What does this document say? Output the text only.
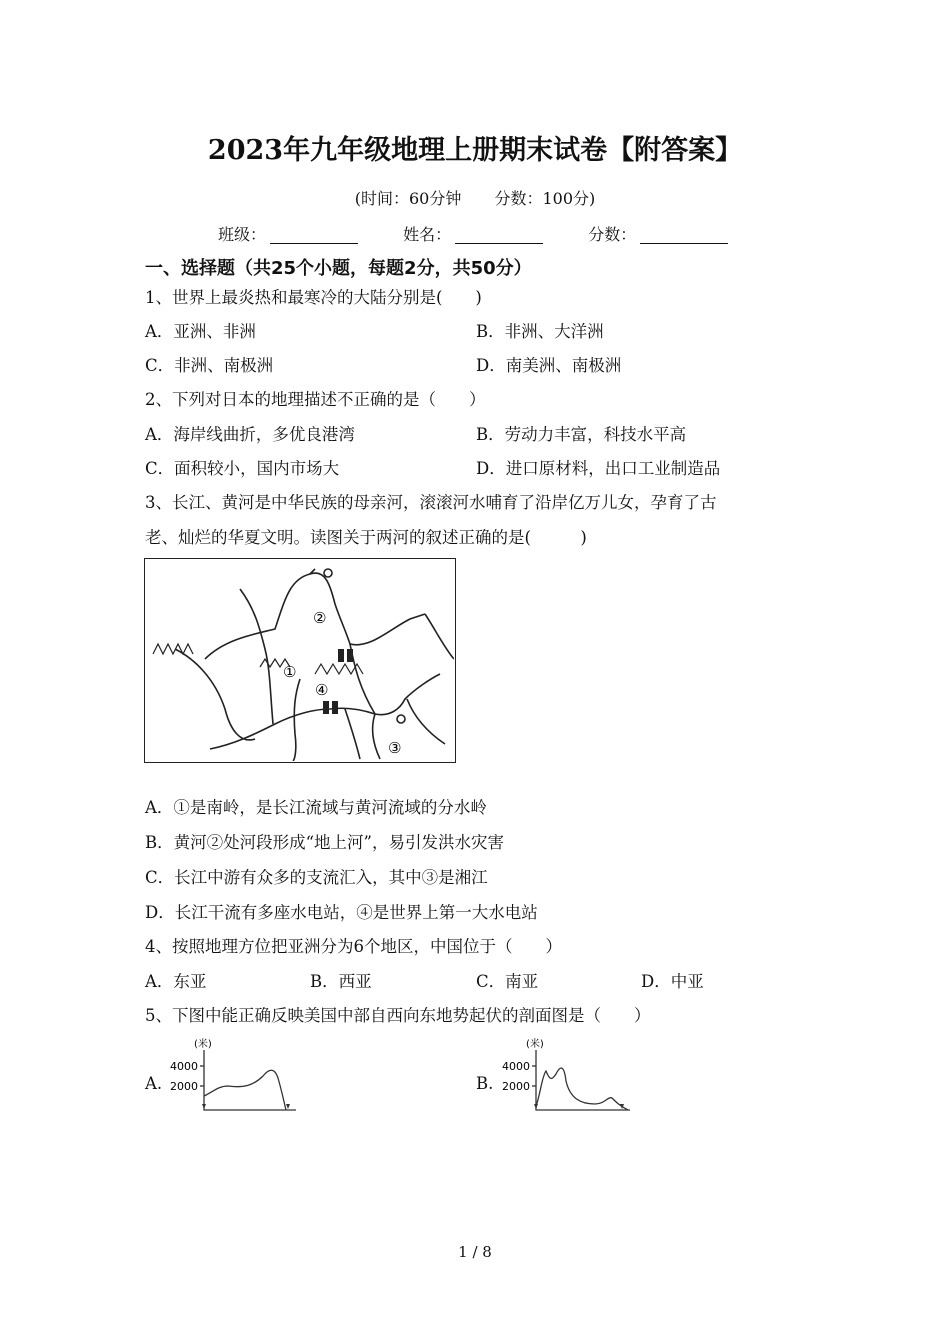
2023年九年级地理上册期末试卷【附答案】
(时间：60分钟 分数：100分)
班级：	姓名：	分数：
一、选择题（共25个小题，每题2分，共50分）
1、世界上最炎热和最寒冷的大陆分别是(　　)
A．亚洲、非洲	B．非洲、大洋洲
C．非洲、南极洲	D．南美洲、南极洲
2、下列对日本的地理描述不正确的是（　　）
A．海岸线曲折，多优良港湾	B．劳动力丰富，科技水平高
C．面积较小，国内市场大	D．进口原材料，出口工业制造品
3、长江、黄河是中华民族的母亲河，滚滚河水哺育了沿岸亿万儿女，孕育了古
老、灿烂的华夏文明。读图关于两河的叙述正确的是(　　　)
②
①
④
③
A．①是南岭，是长江流域与黄河流域的分水岭
B．黄河②处河段形成“地上河”，易引发洪水灾害
C．长江中游有众多的支流汇入，其中③是湘江
D．长江干流有多座水电站，④是世界上第一大水电站
4、按照地理方位把亚洲分为6个地区，中国位于（　　）
A．东亚	B．西亚	C．南亚	D．中亚
5、下图中能正确反映美国中部自西向东地势起伏的剖面图是（　　）
A.
(米)
4000
2000	B.
(米)
4000
2000
1 / 8
